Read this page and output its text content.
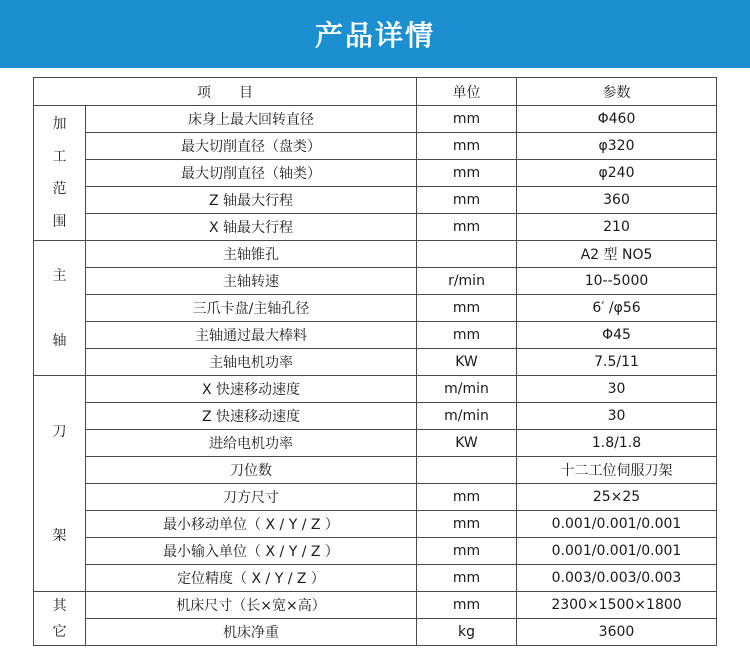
产品详情
项　　目		单位	参数

加
工
范
围	床身上最大回转直径	mm	Φ460
	最大切削直径（盘类）	mm	φ320
	最大切削直径（轴类）	mm	φ240
	Z 轴最大行程	mm	360
	X 轴最大行程	mm	210

主
轴	主轴锥孔		A2 型 NO5
	主轴转速	r/min	10--5000
	三爪卡盘/主轴孔径	mm	6′ /φ56
	主轴通过最大棒料	mm	Φ45
	主轴电机功率	KW	7.5/11

刀
架	X 快速移动速度	m/min	30
	Z 快速移动速度	m/min	30
	进给电机功率	KW	1.8/1.8
	刀位数		十二工位伺服刀架
	刀方尺寸	mm	25×25
	最小移动单位（ X / Y / Z ）	mm	0.001/0.001/0.001
	最小输入单位（ X / Y / Z ）	mm	0.001/0.001/0.001
	定位精度（ X / Y / Z ）	mm	0.003/0.003/0.003

其
它	机床尺寸（长×宽×高）	mm	2300×1500×1800
	机床净重	kg	3600
